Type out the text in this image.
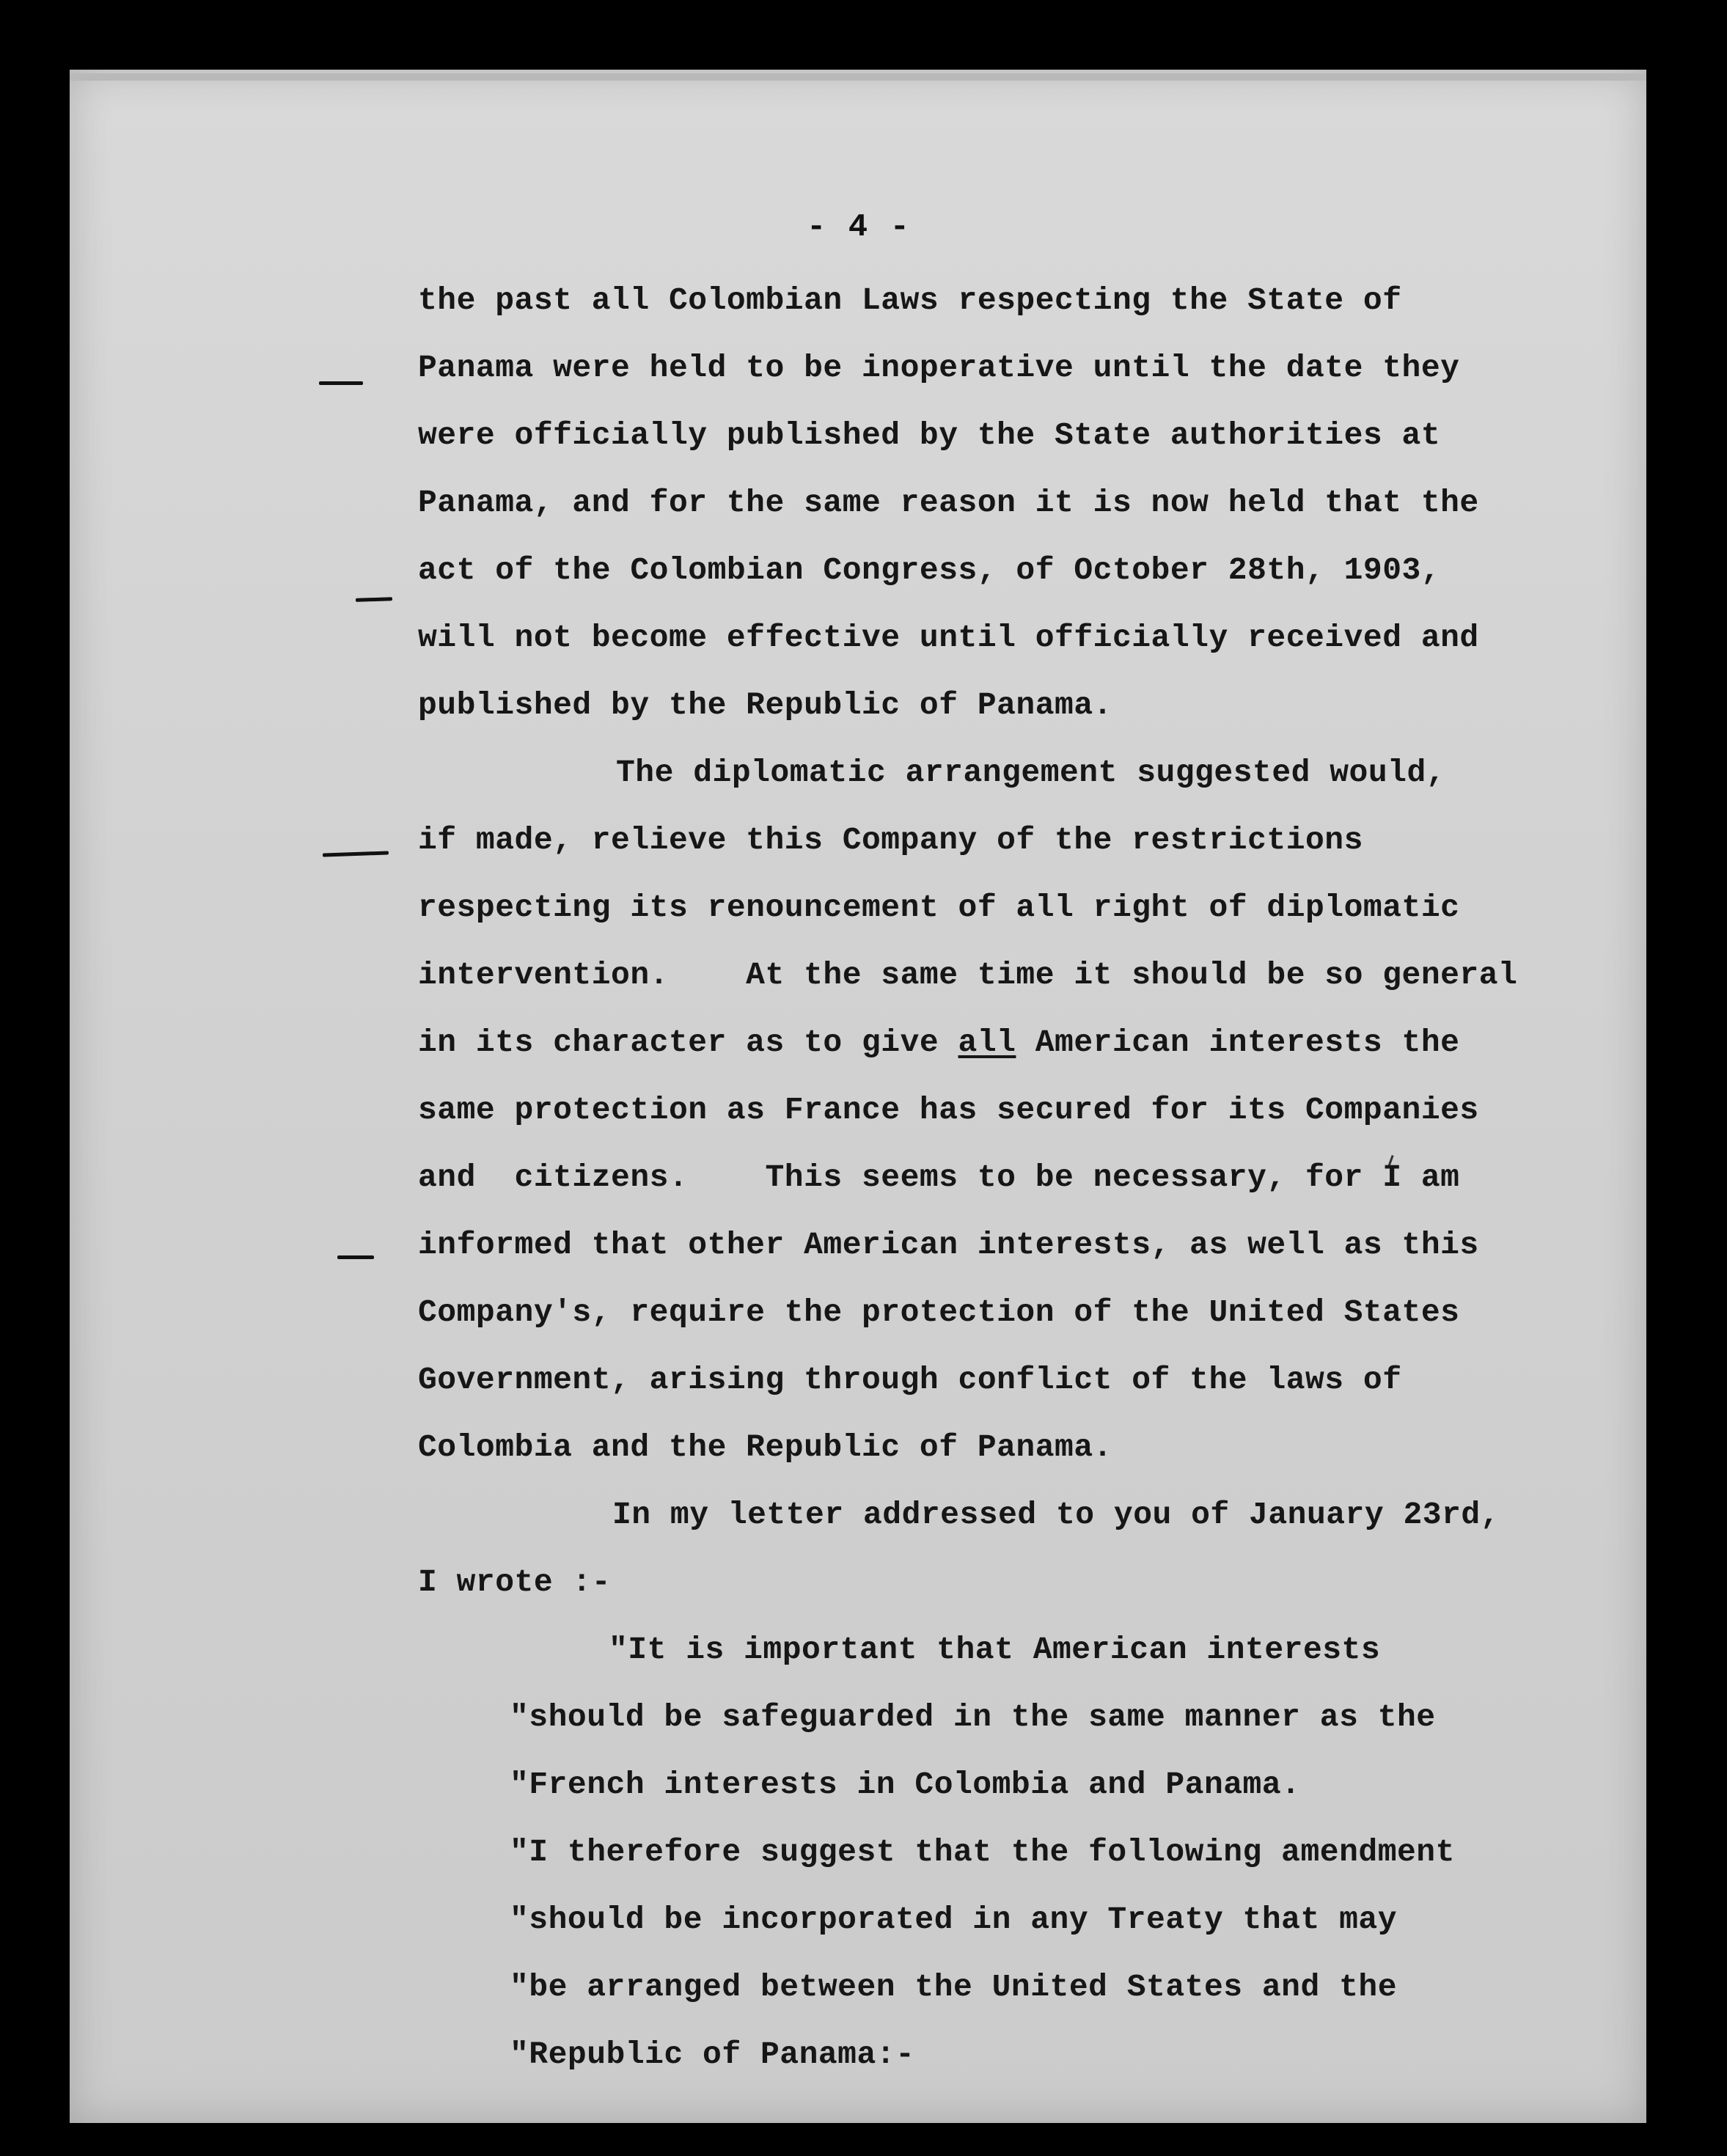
- 4 -
the past all Colombian Laws respecting the State of
Panama were held to be inoperative until the date they
were officially published by the State authorities at
Panama, and for the same reason it is now held that the
act of the Colombian Congress, of October 28th, 1903,
will not become effective until officially received and
published by the Republic of Panama.
The diplomatic arrangement suggested would,
if made, relieve this Company of the restrictions
respecting its renouncement of all right of diplomatic
intervention.    At the same time it should be so general
in its character as to give all American interests the
same protection as France has secured for its Companies
and  citizens.    This seems to be necessary, for I am
informed that other American interests, as well as this
Company's, require the protection of the United States
Government, arising through conflict of the laws of
Colombia and the Republic of Panama.
In my letter addressed to you of January 23rd,
I wrote :-
"It is important that American interests
"should be safeguarded in the same manner as the
"French interests in Colombia and Panama.
"I therefore suggest that the following amendment
"should be incorporated in any Treaty that may
"be arranged between the United States and the
"Republic of Panama:-
